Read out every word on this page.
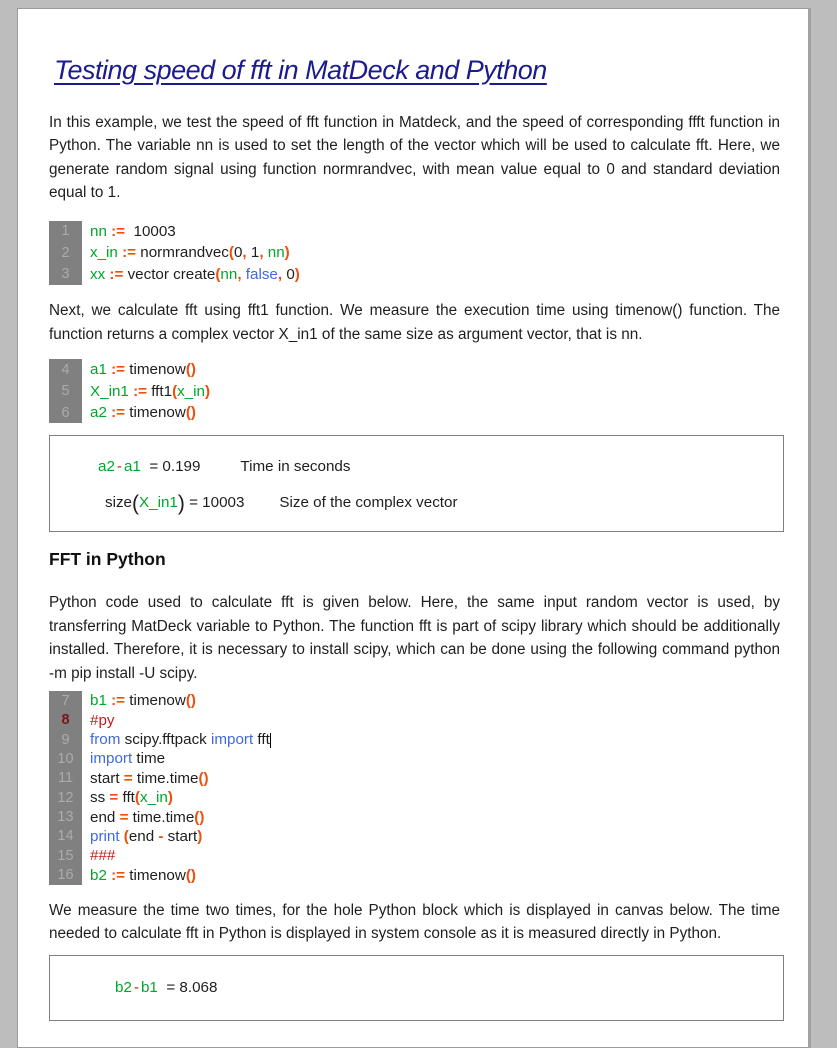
Testing speed of fft in MatDeck and Python

In this example, we test the speed of fft function in Matdeck, and the speed of corresponding ffft function in Python. The variable nn is used to set the length of the vector which will be used to calculate fft. Here, we generate random signal using function normrandvec, with mean value equal to 0 and standard deviation equal to 1.

1	nn :=  10003
2	x_in := normrandvec(0, 1, nn)
3	xx := vector create(nn, false, 0)

Next, we calculate fft using fft1 function. We measure the execution time using timenow() function. The function returns a complex vector X_in1 of the same size as argument vector, that is nn.

4	a1 := timenow()
5	X_in1 := fft1(x_in)
6	a2 := timenow()
a2 - a1  = 0.199	Time in seconds
size(X_in1) = 10003 Size of the complex vector
FFT in Python

Python code used to calculate fft is given below. Here, the same input random vector is used, by transferring MatDeck variable to Python. The function fft is part of scipy library which should be additionally installed. Therefore, it is necessary to install scipy, which can be done using the following command python -m pip install -U scipy.

7	b1 := timenow()
8	#py
9	from scipy.fftpack import fft
10	import time
11	start = time.time()
12	ss = fft(x_in)
13	end = time.time()
14	print (end - start)
15	###
16	b2 := timenow()

We measure the time two times, for the hole Python block which is displayed in canvas below. The time needed to calculate fft in Python is displayed in system console as it is measured directly in Python.

b2 - b1  = 8.068
